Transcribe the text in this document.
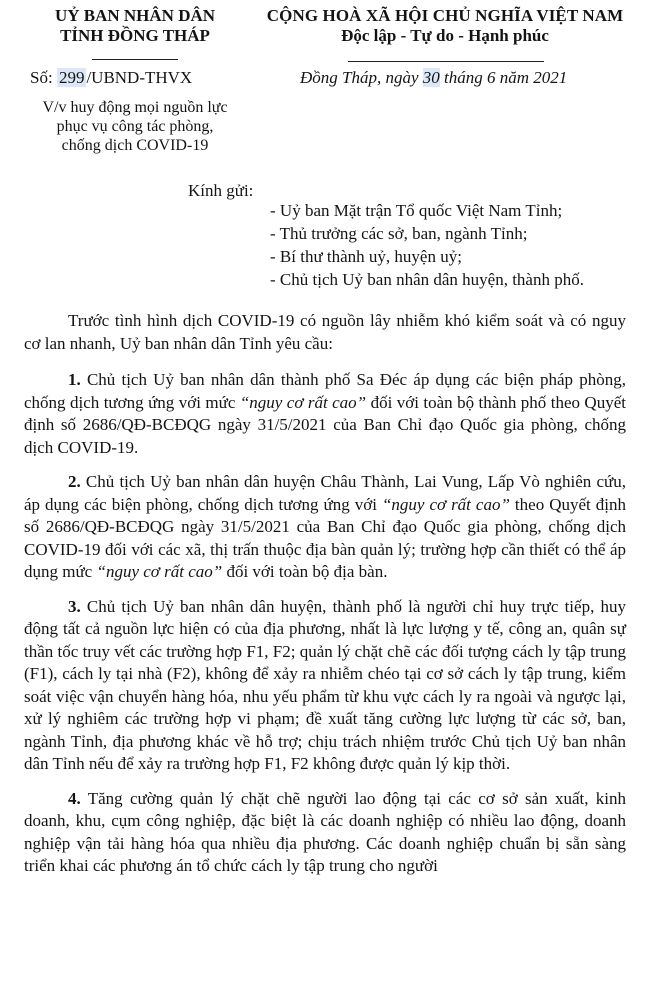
UỶ BAN NHÂN DÂN
TỈNH ĐỒNG THÁP
CỘNG HOÀ XÃ HỘI CHỦ NGHĨA VIỆT NAM
Độc lập - Tự do - Hạnh phúc
Số: 299 /UBND-THVX	Đồng Tháp, ngày 30 tháng 6 năm 2021
V/v huy động mọi nguồn lực
phục vụ công tác phòng,
chống dịch COVID-19
Kính gửi:
- Uỷ ban Mặt trận Tổ quốc Việt Nam Tỉnh;
- Thủ trưởng các sở, ban, ngành Tỉnh;
- Bí thư thành uỷ, huyện uỷ;
- Chủ tịch Uỷ ban nhân dân huyện, thành phố.

Trước tình hình dịch COVID-19 có nguồn lây nhiễm khó kiểm soát và có nguy cơ lan nhanh, Uỷ ban nhân dân Tỉnh yêu cầu:

1. Chủ tịch Uỷ ban nhân dân thành phố Sa Đéc áp dụng các biện pháp phòng, chống dịch tương ứng với mức “nguy cơ rất cao” đối với toàn bộ thành phố theo Quyết định số 2686/QĐ-BCĐQG ngày 31/5/2021 của Ban Chỉ đạo Quốc gia phòng, chống dịch COVID-19.

2. Chủ tịch Uỷ ban nhân dân huyện Châu Thành, Lai Vung, Lấp Vò nghiên cứu, áp dụng các biện phòng, chống dịch tương ứng với “nguy cơ rất cao” theo Quyết định số 2686/QĐ-BCĐQG ngày 31/5/2021 của Ban Chỉ đạo Quốc gia phòng, chống dịch COVID-19 đối với các xã, thị trấn thuộc địa bàn quản lý; trường hợp cần thiết có thể áp dụng mức “nguy cơ rất cao” đối với toàn bộ địa bàn.

3. Chủ tịch Uỷ ban nhân dân huyện, thành phố là người chỉ huy trực tiếp, huy động tất cả nguồn lực hiện có của địa phương, nhất là lực lượng y tế, công an, quân sự thần tốc truy vết các trường hợp F1, F2; quản lý chặt chẽ các đối tượng cách ly tập trung (F1), cách ly tại nhà (F2), không để xảy ra nhiễm chéo tại cơ sở cách ly tập trung, kiểm soát việc vận chuyển hàng hóa, nhu yếu phẩm từ khu vực cách ly ra ngoài và ngược lại, xử lý nghiêm các trường hợp vi phạm; đề xuất tăng cường lực lượng từ các sở, ban, ngành Tỉnh, địa phương khác về hỗ trợ; chịu trách nhiệm trước Chủ tịch Uỷ ban nhân dân Tỉnh nếu để xảy ra trường hợp F1, F2 không được quản lý kịp thời.

4. Tăng cường quản lý chặt chẽ người lao động tại các cơ sở sản xuất, kinh doanh, khu, cụm công nghiệp, đặc biệt là các doanh nghiệp có nhiều lao động, doanh nghiệp vận tải hàng hóa qua nhiều địa phương. Các doanh nghiệp chuẩn bị sẵn sàng triển khai các phương án tổ chức cách ly tập trung cho người
